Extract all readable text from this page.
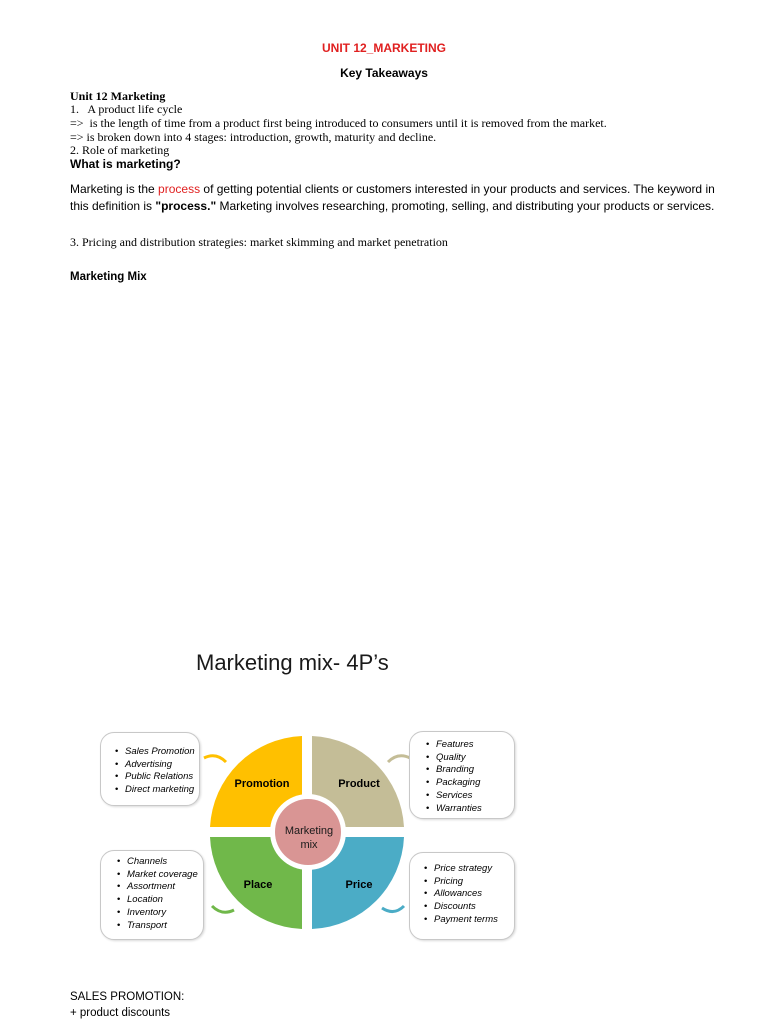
UNIT 12_MARKETING
Key Takeaways
Unit 12 Marketing
1.   A product life cycle
=>  is the length of time from a product first being introduced to consumers until it is removed from the market.
=> is broken down into 4 stages: introduction, growth, maturity and decline.
2. Role of marketing
What is marketing?
Marketing is the process of getting potential clients or customers interested in your products and services. The keyword in
this definition is "process." Marketing involves researching, promoting, selling, and distributing your products or services.
3. Pricing and distribution strategies: market skimming and market penetration
Marketing Mix
Marketing mix- 4P’s
Promotion	Product
Place	Price
Marketing
mix
• Sales Promotion
• Advertising
• Public Relations
• Direct marketing
• Features
• Quality
• Branding
• Packaging
• Services
• Warranties
• Channels
• Market coverage
• Assortment
• Location
• Inventory
• Transport
• Price strategy
• Pricing
• Allowances
• Discounts
• Payment terms
SALES PROMOTION:
+ product discounts
